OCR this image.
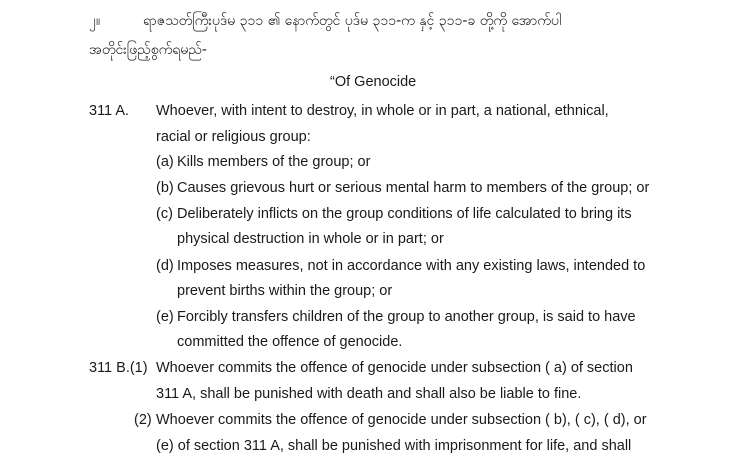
၂။	ရာဇသတ်ကြီးပုဒ်မ ၃၁၁ ၏ နောက်တွင် ပုဒ်မ ၃၁၁-က နှင့် ၃၁၁-ခ တို့ကို အောက်ပါ
အတိုင်းဖြည့်စွက်ရမည်-
“Of Genocide
311 A. Whoever, with intent to destroy, in whole or in part, a national, ethnical,
racial or religious group:
(a) Kills members of the group; or
(b) Causes grievous hurt or serious mental harm to members of the group; or
(c) Deliberately inflicts on the group conditions of life calculated to bring its
physical destruction in whole or in part; or
(d) Imposes measures, not in accordance with any existing laws, intended to
prevent births within the group; or
(e) Forcibly transfers children of the group to another group, is said to have
committed the offence of genocide.
311 B.(1) Whoever commits the offence of genocide under subsection ( a) of section
311 A, shall be punished with death and shall also be liable to fine.
(2) Whoever commits the offence of genocide under subsection ( b), ( c), ( d), or
(e) of section 311 A, shall be punished with imprisonment for life, and shall
